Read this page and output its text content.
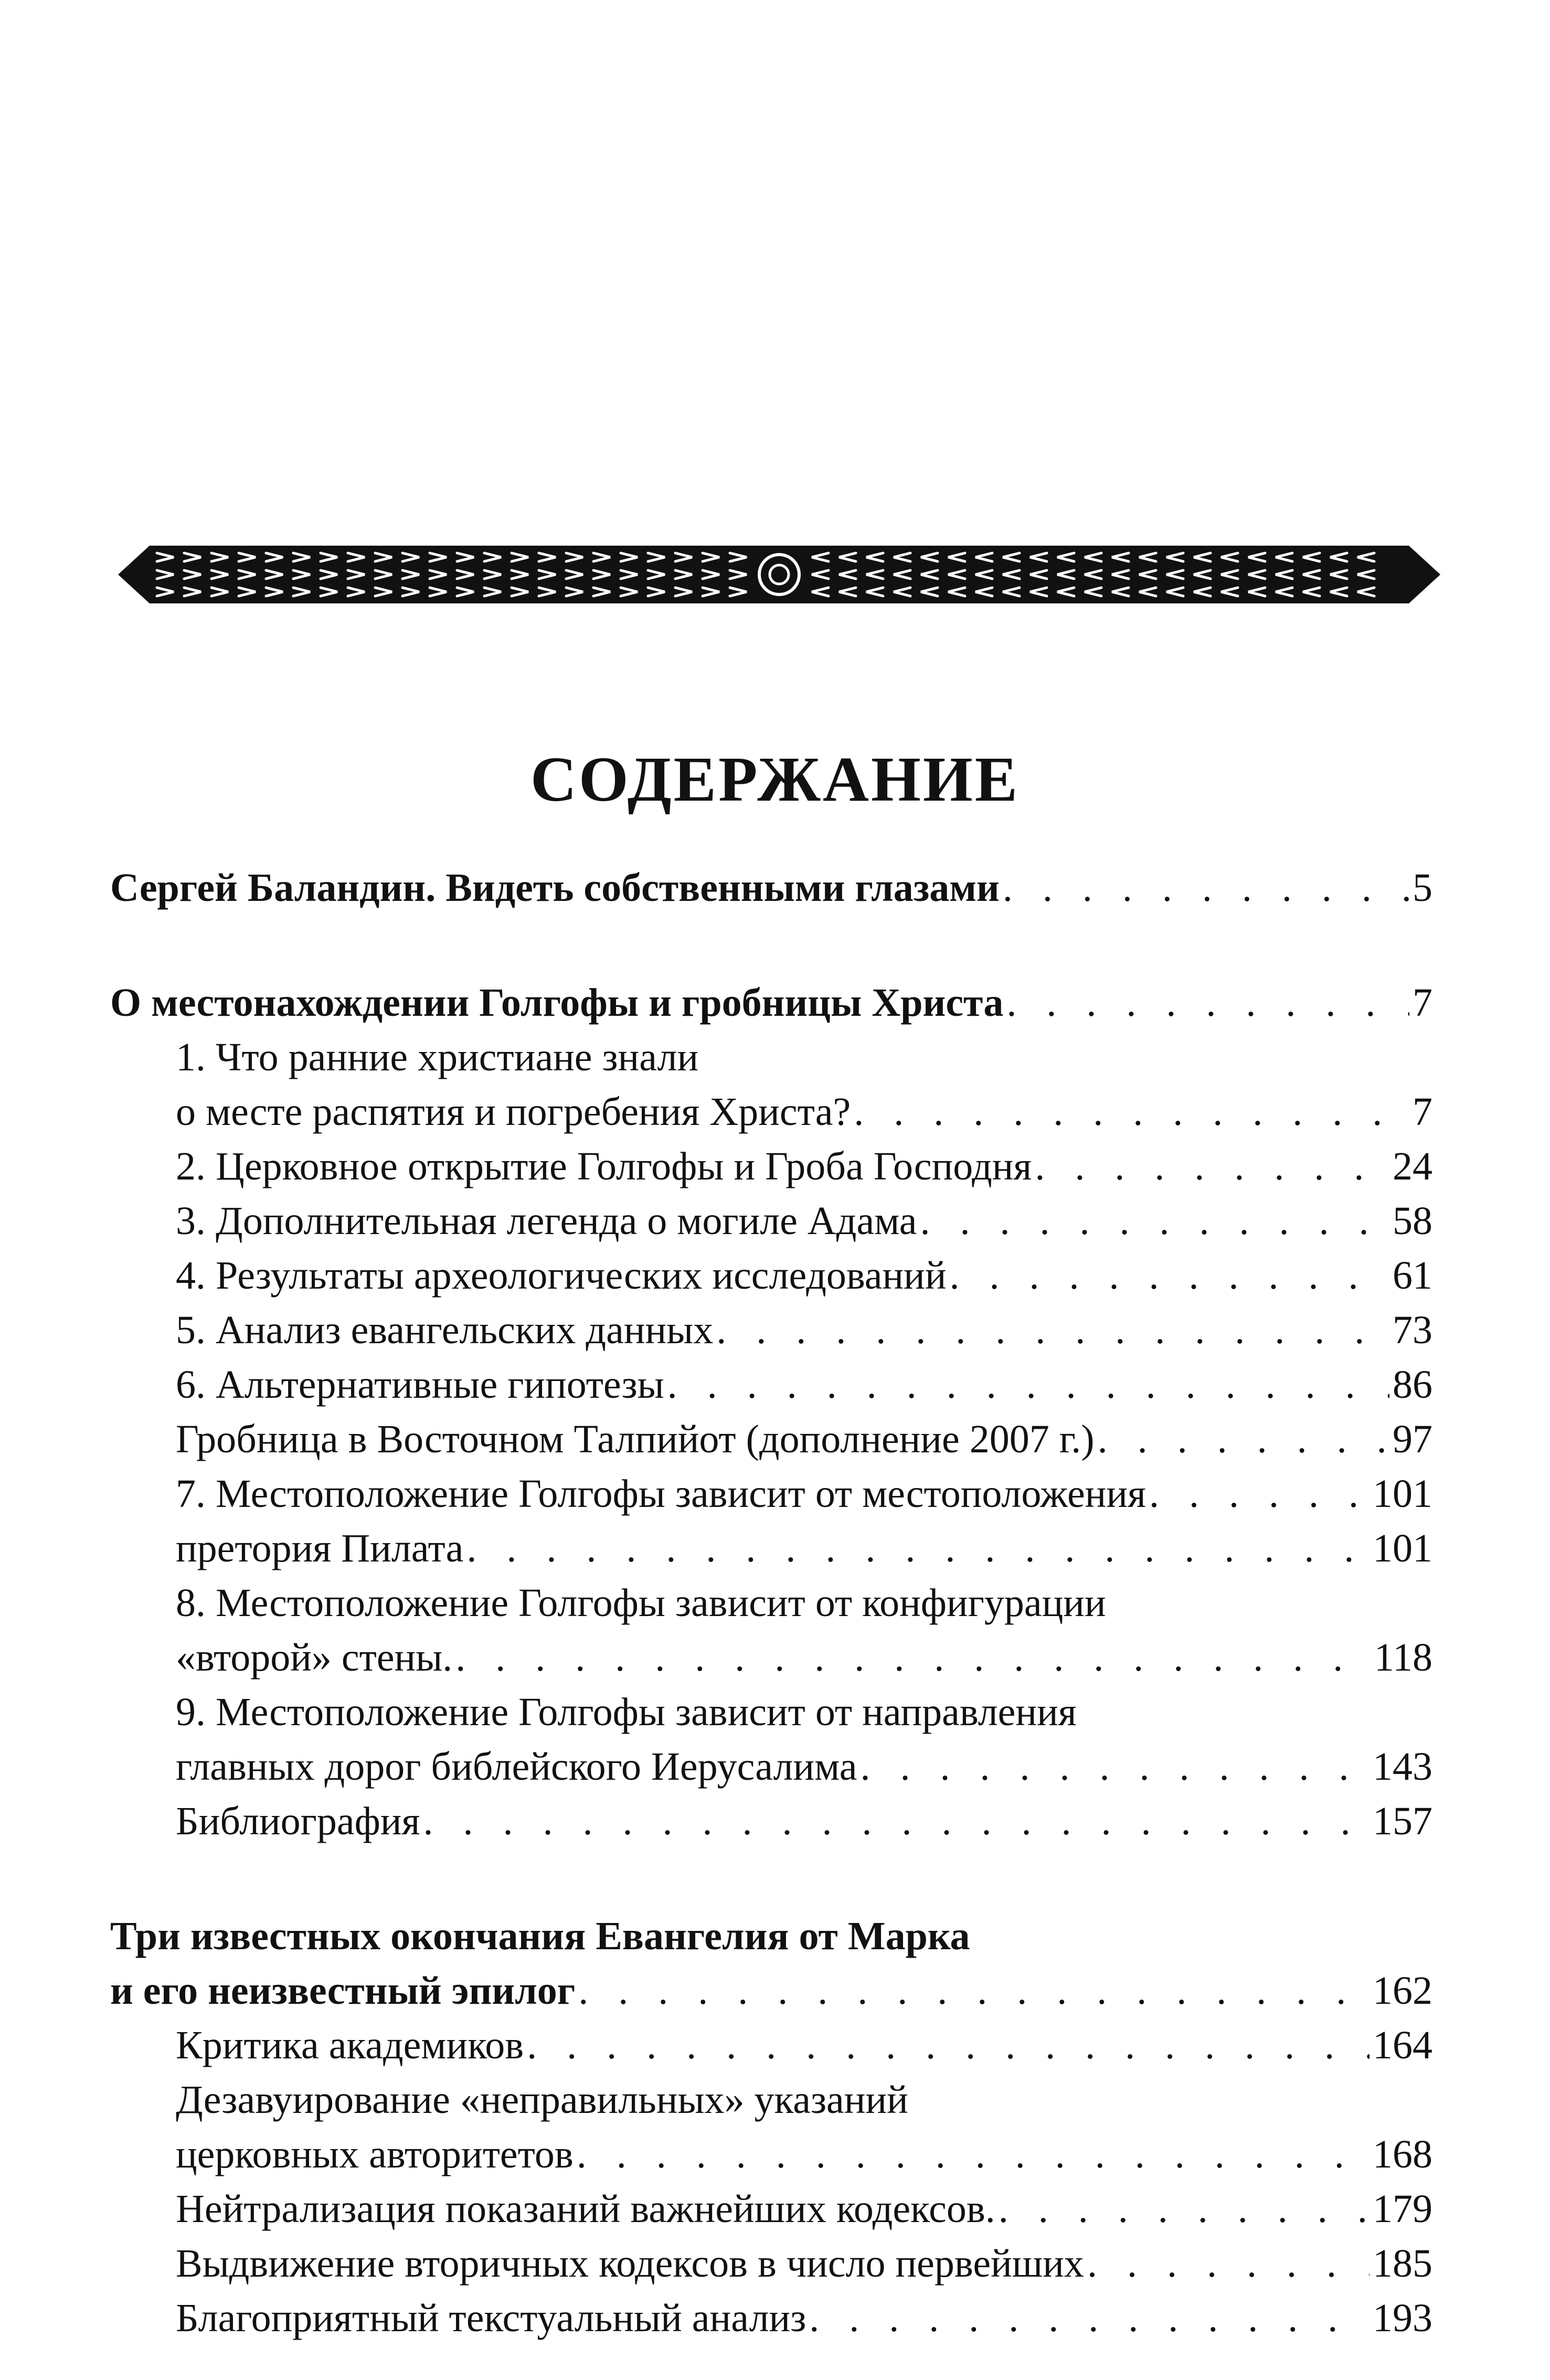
СОДЕРЖАНИЕ
Сергей Баландин. Видеть собственными глазами . . .	5
О местонахождении Голгофы и гробницы Христа . . .	7
1. Что ранние христиане знали
о месте распятия и погребения Христа? . . .	7
2. Церковное открытие Голгофы и Гроба Господня . . .	24
3. Дополнительная легенда о могиле Адама . . .	58
4. Результаты археологических исследований . . .	61
5. Анализ евангельских данных . . .	73
6. Альтернативные гипотезы . . .	86
Гробница в Восточном Талпийот (дополнение 2007 г.) . . .	97
7. Местоположение Голгофы зависит от местоположения . . .	101
претория Пилата . . .	101
8. Местоположение Голгофы зависит от конфигурации
«второй» стены. . . .	118
9. Местоположение Голгофы зависит от направления
главных дорог библейского Иерусалима . . .	143
Библиография . . .	157
Три известных окончания Евангелия от Марка
и его неизвестный эпилог . . .	162
Критика академиков . . .	164
Дезавуирование «неправильных» указаний
церковных авторитетов . . .	168
Нейтрализация показаний важнейших кодексов. . . .	179
Выдвижение вторичных кодексов в число первейших . . .	185
Благоприятный текстуальный анализ . . .	193
